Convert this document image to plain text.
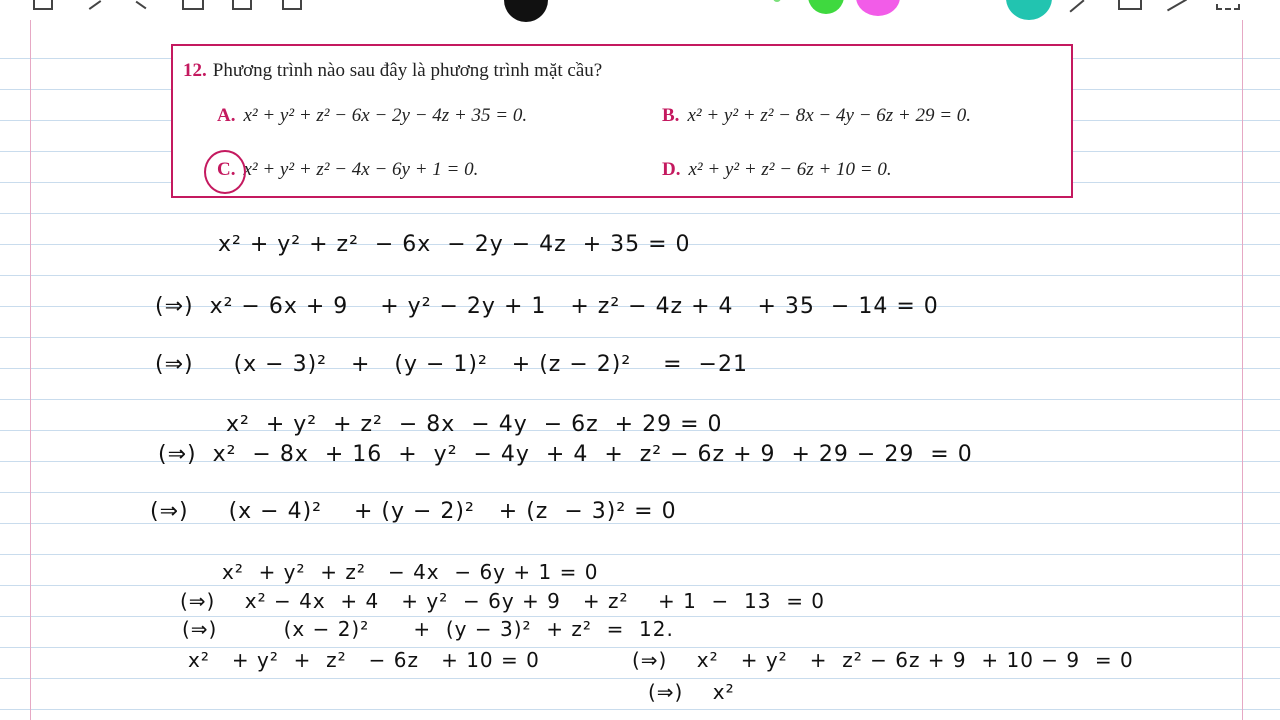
12. Phương trình nào sau đây là phương trình mặt cầu?
A. x² + y² + z² − 6x − 2y − 4z + 35 = 0.	B. x² + y² + z² − 8x − 4y − 6z + 29 = 0.
C. x² + y² + z² − 4x − 6y + 1 = 0.	D. x² + y² + z² − 6z + 10 = 0.
x² + y² + z²  − 6x  − 2y − 4z  + 35 = 0
(⇒)  x² − 6x + 9    + y² − 2y + 1   + z² − 4z + 4   + 35  − 14 = 0
(⇒)     (x − 3)²   +   (y − 1)²   + (z − 2)²    =  −21
x²  + y²  + z²  − 8x  − 4y  − 6z  + 29 = 0
(⇒)  x²  − 8x  + 16  +  y²  − 4y  + 4  +  z² − 6z + 9  + 29 − 29  = 0
(⇒)     (x − 4)²    + (y − 2)²   + (z  − 3)² = 0
x²  + y²  + z²   − 4x  − 6y + 1 = 0
(⇒)    x² − 4x  + 4   + y²  − 6y + 9   + z²    + 1  −  13  = 0
(⇒)         (x − 2)²      +  (y − 3)²  + z²  =  12.
x²   + y²  +  z²   − 6z   + 10 = 0	(⇒)    x²   + y²   +  z² − 6z + 9  + 10 − 9  = 0
(⇒)    x²
